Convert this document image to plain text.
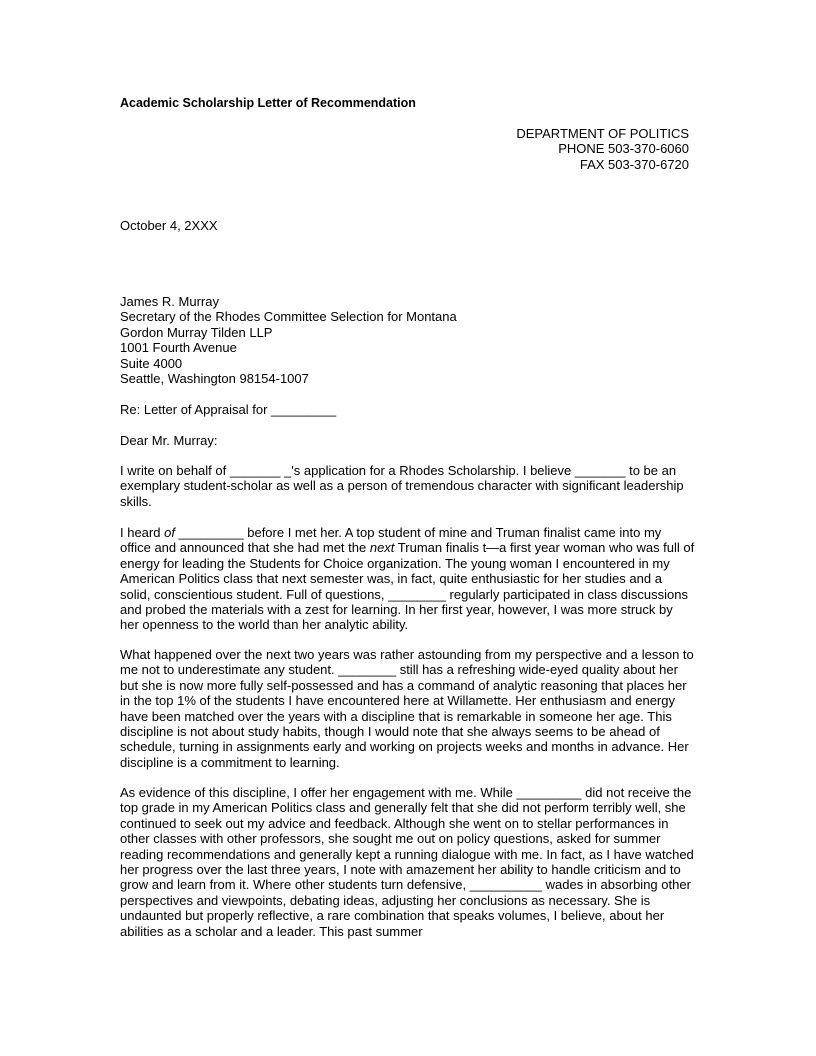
Academic Scholarship Letter of Recommendation
DEPARTMENT OF POLITICS
PHONE 503-370-6060
FAX 503-370-6720
October 4, 2XXX
James R. Murray
Secretary of the Rhodes Committee Selection for Montana
Gordon Murray Tilden LLP
1001 Fourth Avenue
Suite 4000
Seattle, Washington 98154-1007
Re: Letter of Appraisal for _________
Dear Mr. Murray:

I write on behalf of _______ _'s application for a Rhodes Scholarship. I believe _______ to be an exemplary student-scholar as well as a person of tremendous character with significant leadership skills.

I heard of _________ before I met her. A top student of mine and Truman finalist came into my office and announced that she had met the next Truman finalis t—a first year woman who was full of energy for leading the Students for Choice organization. The young woman I encountered in my American Politics class that next semester was, in fact, quite enthusiastic for her studies and a solid, conscientious student. Full of questions, ________ regularly participated in class discussions and probed the materials with a zest for learning. In her first year, however, I was more struck by her openness to the world than her analytic ability.

What happened over the next two years was rather astounding from my perspective and a lesson to me not to underestimate any student. ________ still has a refreshing wide-eyed quality about her but she is now more fully self-possessed and has a command of analytic reasoning that places her in the top 1% of the students I have encountered here at Willamette. Her enthusiasm and energy have been matched over the years with a discipline that is remarkable in someone her age. This discipline is not about study habits, though I would note that she always seems to be ahead of schedule, turning in assignments early and working on projects weeks and months in advance. Her discipline is a commitment to learning.

As evidence of this discipline, I offer her engagement with me. While _________ did not receive the top grade in my American Politics class and generally felt that she did not perform terribly well, she continued to seek out my advice and feedback. Although she went on to stellar performances in other classes with other professors, she sought me out on policy questions, asked for summer reading recommendations and generally kept a running dialogue with me. In fact, as I have watched her progress over the last three years, I note with amazement her ability to handle criticism and to grow and learn from it. Where other students turn defensive, __________ wades in absorbing other perspectives and viewpoints, debating ideas, adjusting her conclusions as necessary. She is undaunted but properly reflective, a rare combination that speaks volumes, I believe, about her abilities as a scholar and a leader. This past summer
